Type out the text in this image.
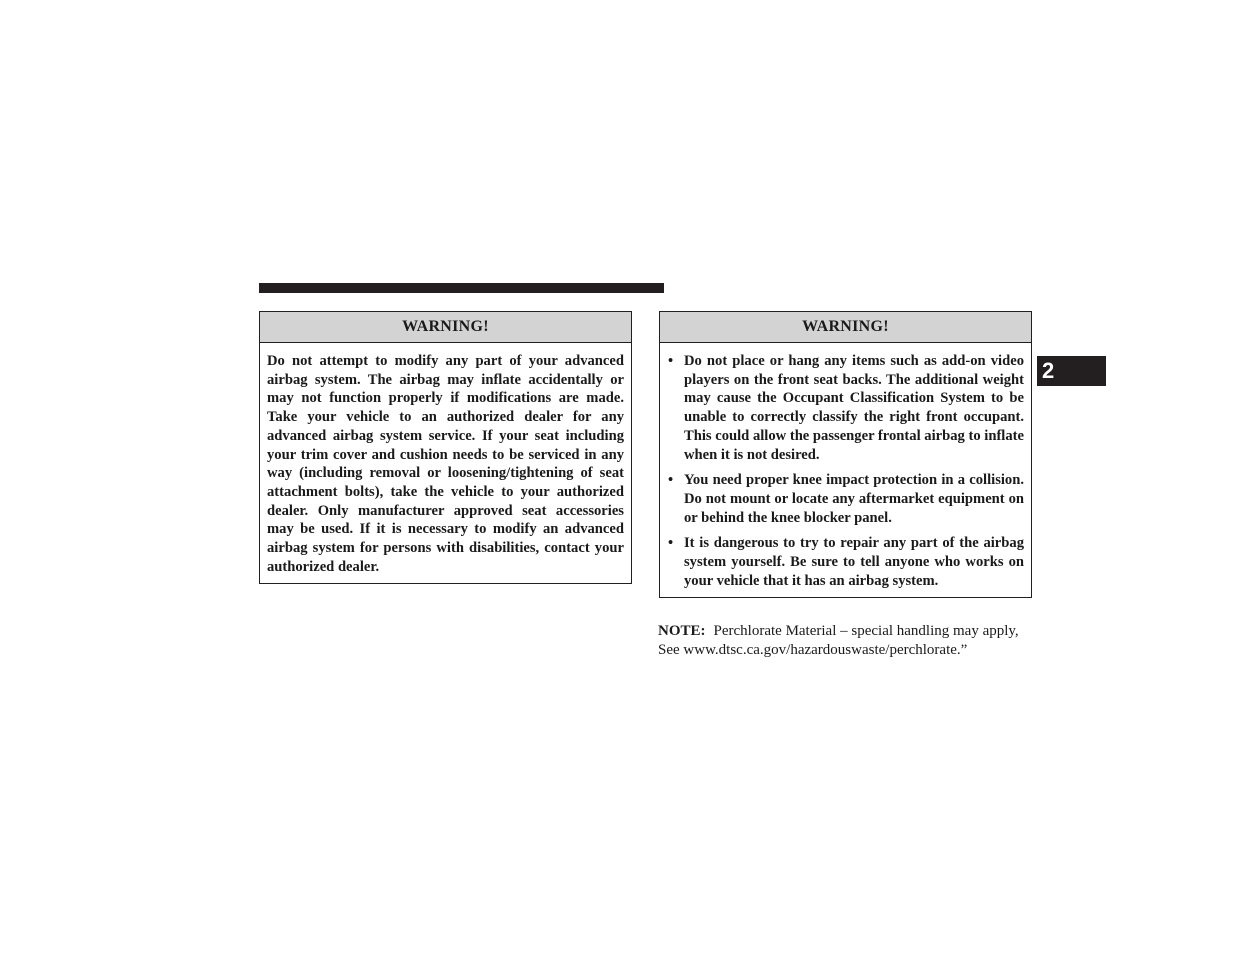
WARNING!
Do not attempt to modify any part of your advanced airbag system. The airbag may inflate accidentally or may not function properly if modifications are made. Take your vehicle to an authorized dealer for any advanced airbag system service. If your seat including your trim cover and cushion needs to be serviced in any way (including removal or loosening/​tightening of seat attachment bolts), take the vehicle to your authorized dealer. Only manufacturer approved seat accessories may be used. If it is necessary to modify an advanced airbag system for persons with disabilities, contact your authorized dealer.
WARNING!
• Do not place or hang any items such as add-on video players on the front seat backs. The additional weight may cause the Occupant Classification System to be unable to correctly classify the right front occupant. This could allow the passenger frontal airbag to inflate when it is not desired.
• You need proper knee impact protection in a collision. Do not mount or locate any aftermarket equipment on or behind the knee blocker panel.
• It is dangerous to try to repair any part of the airbag system yourself. Be sure to tell anyone who works on your vehicle that it has an airbag system.
NOTE: Perchlorate Material – special handling may apply, See www.dtsc.ca.gov/hazardouswaste/perchlorate.”
2
